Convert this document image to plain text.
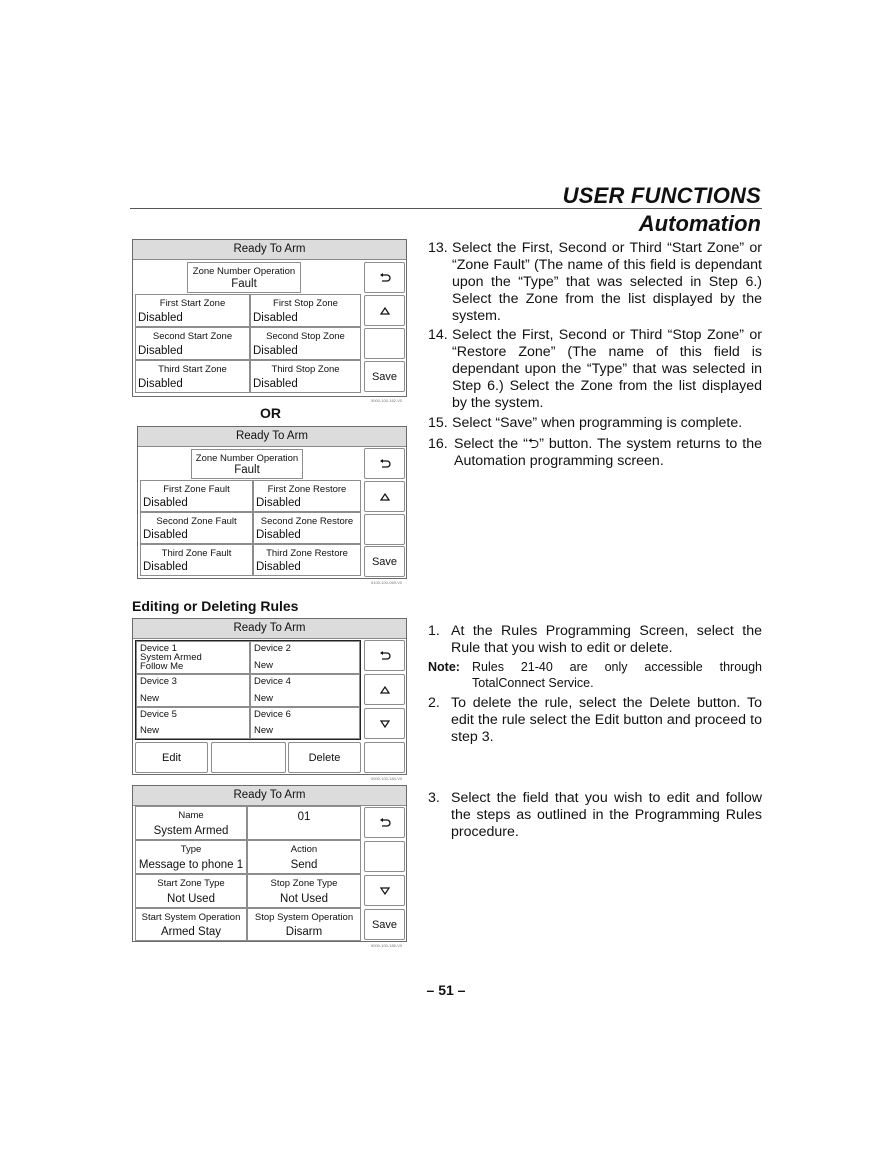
USER FUNCTIONS
Automation
Ready To Arm
Zone Number Operation
Fault
First Start Zone
Disabled
First Stop Zone
Disabled
Second Start Zone
Disabled
Second Stop Zone
Disabled
Third Start Zone
Disabled
Third Stop Zone
Disabled
Save
5000-100-182-V0
OR
Ready To Arm
Zone Number Operation
Fault
First Zone Fault
Disabled
First Zone Restore
Disabled
Second Zone Fault
Disabled
Second Zone Restore
Disabled
Third Zone Fault
Disabled
Third Zone Restore
Disabled	Save
5100-100-069-V0
Editing or Deleting Rules
Ready To Arm
Device 1
System Armed
Follow Me
Device 2
New
Device 3
New
Device 4
New
Device 5
New
Device 6
New
Edit	Delete
5000-100-184-V0
Ready To Arm
Name
System Armed
01
Type
Message to phone 1
Action
Send
Start Zone Type
Not Used
Stop Zone Type
Not Used
Start System Operation
Armed Stay
Stop System Operation
Disarm
Save
5000-100-186-V0
13. Select the First, Second or Third “Start Zone” or “Zone Fault” (The name of this field is dependant upon the “Type” that was selected in Step 6.) Select the Zone from the list displayed by the system.
14. Select the First, Second or Third “Stop Zone” or “Restore Zone” (The name of this field is dependant upon the “Type” that was selected in Step 6.) Select the Zone from the list displayed by the system.
15. Select “Save” when programming is complete.
16. Select the “⮌” button. The system returns to the Automation programming screen.
1. At the Rules Programming Screen, select the Rule that you wish to edit or delete.
Note: Rules 21-40 are only accessible through TotalConnect Service.
2. To delete the rule, select the Delete button. To edit the rule select the Edit button and proceed to step 3.
3. Select the field that you wish to edit and follow the steps as outlined in the Programming Rules procedure.
– 51 –
